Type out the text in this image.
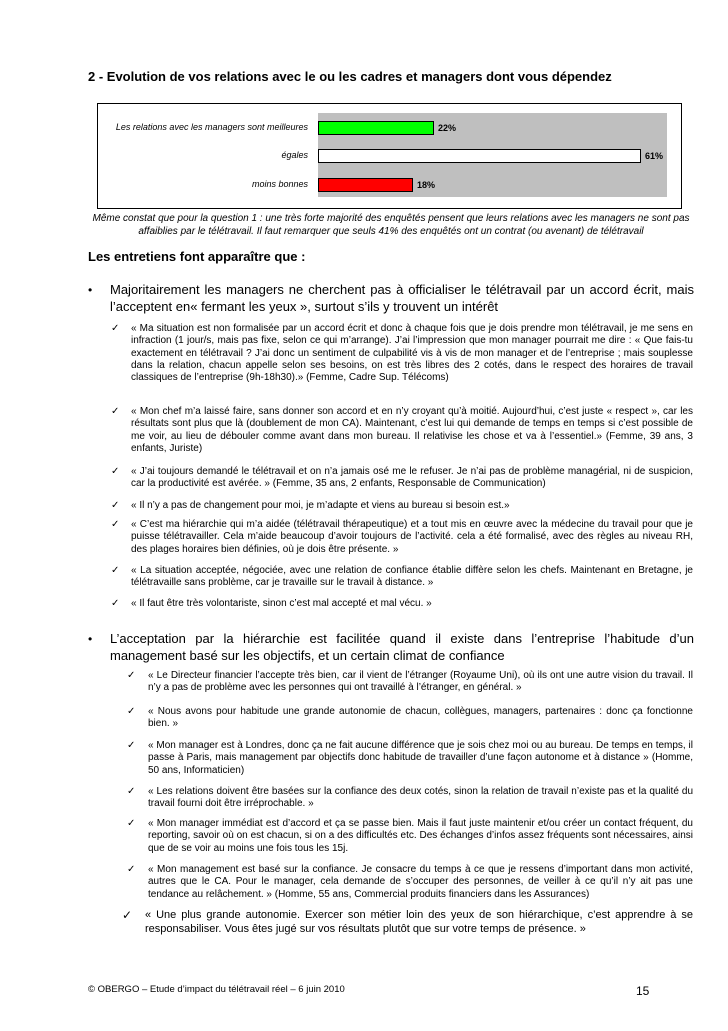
2 - Evolution de vos relations avec le ou les cadres et managers dont vous dépendez
Les relations avec les managers sont meilleures	22%
égales	61%
moins bonnes	18%
Même constat que pour la question 1 : une très forte majorité des enquêtés pensent que leurs relations avec les managers ne sont pas affaiblies par le télétravail. Il faut remarquer que seuls 41% des enquêtés ont un contrat (ou avenant) de télétravail
Les entretiens font apparaître que :
• Majoritairement les managers ne cherchent pas à officialiser le télétravail par un accord écrit, mais l’acceptent en« fermant les yeux », surtout s’ils y trouvent un intérêt
✓ « Ma situation est non formalisée par un accord écrit et donc à chaque fois que je dois prendre mon télétravail, je me sens en infraction (1 jour/s, mais pas fixe, selon ce qui m’arrange). J’ai l’impression que mon manager pourrait me dire : « Que fais-tu exactement en télétravail ? J’ai donc un sentiment de culpabilité vis à vis de mon manager et de l’entreprise ; mais souplesse dans la relation, chacun appelle selon ses besoins, on est très libres des 2 cotés, dans le respect des horaires de travail classiques de l’entreprise (9h-18h30).» (Femme, Cadre Sup. Télécoms)
✓ « Mon chef m’a laissé faire, sans donner son accord et en n’y croyant qu’à moitié. Aujourd’hui, c’est juste « respect », car les résultats sont plus que là (doublement de mon CA). Maintenant, c’est lui qui demande de temps en temps si c’est possible de me voir, au lieu de débouler comme avant dans mon bureau. Il relativise les chose et va à l’essentiel.» (Femme, 39 ans, 3 enfants, Juriste)
✓ « J’ai toujours demandé le télétravail et on n’a jamais osé me le refuser. Je n’ai pas de problème managérial, ni de suspicion, car la productivité est avérée. » (Femme, 35 ans, 2 enfants, Responsable de Communication)
✓ « Il n’y a pas de changement pour moi, je m’adapte et viens au bureau si besoin est.»
✓ « C’est ma hiérarchie qui m’a aidée (télétravail thérapeutique) et a tout mis en œuvre avec la médecine du travail pour que je puisse télétravailler. Cela m’aide beaucoup d’avoir toujours de l’activité. cela a été formalisé, avec des règles au niveau RH, des plages horaires bien définies, où je dois être présente. »
✓ « La situation acceptée, négociée, avec une relation de confiance établie diffère selon les chefs. Maintenant en Bretagne, je télétravaille sans problème, car je travaille sur le travail à distance. »
✓ « Il faut être très volontariste, sinon c’est mal accepté et mal vécu. »
• L’acceptation par la hiérarchie est facilitée quand il existe dans l’entreprise l’habitude d’un management basé sur les objectifs, et un certain climat de confiance
✓ « Le Directeur financier l’accepte très bien, car il vient de l’étranger (Royaume Uni), où ils ont une autre vision du travail. Il n’y a pas de problème avec les personnes qui ont travaillé à l’étranger, en général. »
✓ « Nous avons pour habitude une grande autonomie de chacun, collègues, managers, partenaires : donc ça fonctionne bien. »
✓ « Mon manager est à Londres, donc ça ne fait aucune différence que je sois chez moi ou au bureau. De temps en temps, il passe à Paris, mais management par objectifs donc habitude de travailler d’une façon autonome et à distance » (Homme, 50 ans, Informaticien)
✓ « Les relations doivent être basées sur la confiance des deux cotés, sinon la relation de travail n’existe pas et la qualité du travail fourni doit être irréprochable. »
✓ « Mon manager immédiat est d’accord et ça se passe bien. Mais il faut juste maintenir et/ou créer un contact fréquent, du reporting, savoir où on est chacun, si on a des difficultés etc. Des échanges d’infos assez fréquents sont nécessaires, ainsi que de se voir au moins une fois tous les 15j.
✓ « Mon management est basé sur la confiance. Je consacre du temps à ce que je ressens d’important dans mon activité, autres que le CA. Pour le manager, cela demande de s’occuper des personnes, de veiller à ce qu’il n’y ait pas une tendance au relâchement. » (Homme, 55 ans, Commercial produits financiers dans les Assurances)
✓ « Une plus grande autonomie. Exercer son métier loin des yeux de son hiérarchique, c’est apprendre à se responsabiliser. Vous êtes jugé sur vos résultats plutôt que sur votre temps de présence. »
© OBERGO – Etude d’impact du télétravail réel – 6 juin 2010	15
